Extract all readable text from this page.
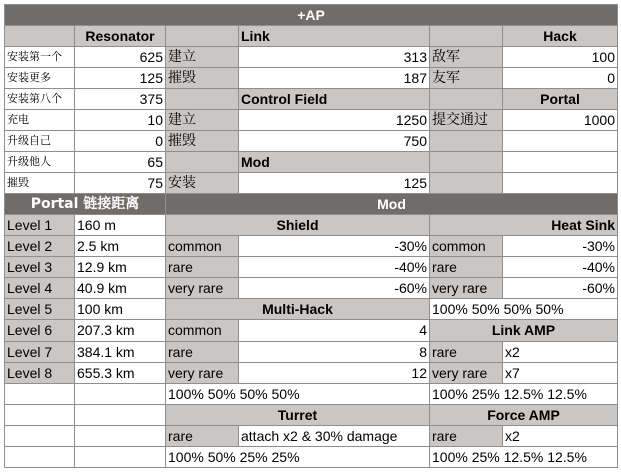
+AP					
	Resonator		Link		Hack
安装第一个	625	建立	313	敌军	100
安装更多	125	摧毁	187	友军	0
安装第八个	375		Control Field		Portal
充电	10	建立	1250	提交通过	1000
升级自己	0	摧毁	750		
升级他人	65		Mod		
摧毁	75	安装	125		
Portal 链接距离		Mod			
Level 1	160 m	Shield		Heat Sink	
Level 2	2.5 km	common	-30%	common	-30%
Level 3	12.9 km	rare	-40%	rare	-40%
Level 4	40.9 km	very rare	-60%	very rare	-60%
Level 5	100 km	Multi-Hack		100% 50% 50% 50%	
Level 6	207.3 km	common	4	Link AMP	
Level 7	384.1 km	rare	8	rare	x2
Level 8	655.3 km	very rare	12	very rare	x7
		100% 50% 50% 50%		100% 25% 12.5% 12.5%	
		Turret		Force AMP	
		rare	attach x2 & 30% damage	rare	x2
		100% 50% 25% 25%		100% 25% 12.5% 12.5%	
